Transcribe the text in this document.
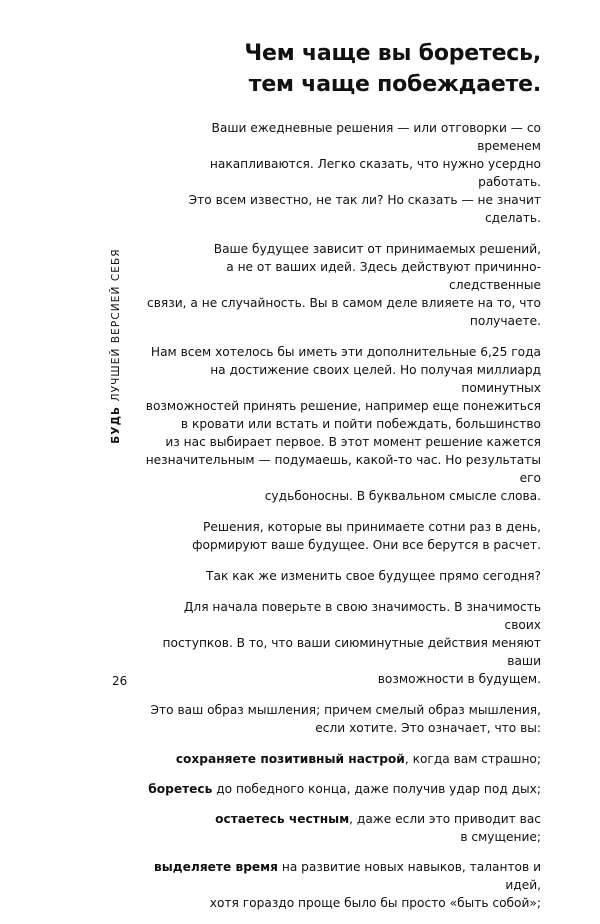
БУДЬ ЛУЧШЕЙ ВЕРСИЕЙ СЕБЯ
26
Чем чаще вы боретесь,
тем чаще побеждаете.

Ваши ежедневные решения — или отговорки — со временем
накапливаются. Легко сказать, что нужно усердно работать.
Это всем известно, не так ли? Но сказать — не значит сделать.

Ваше будущее зависит от принимаемых решений,
а не от ваших идей. Здесь действуют причинно-следственные
связи, а не случайность. Вы в самом деле влияете на то, что
получаете.

Нам всем хотелось бы иметь эти дополнительные 6,25 года
на достижение своих целей. Но получая миллиард поминутных
возможностей принять решение, например еще понежиться
в кровати или встать и пойти побеждать, большинство
из нас выбирает первое. В этот момент решение кажется
незначительным — подумаешь, какой-то час. Но результаты его
судьбоносны. В буквальном смысле слова.

Решения, которые вы принимаете сотни раз в день,
формируют ваше будущее. Они все берутся в расчет.

Так как же изменить свое будущее прямо сегодня?

Для начала поверьте в свою значимость. В значимость своих
поступков. В то, что ваши сиюминутные действия меняют ваши
возможности в будущем.

Это ваш образ мышления; причем смелый образ мышления,
если хотите. Это означает, что вы:

сохраняете позитивный настрой, когда вам страшно;

боретесь до победного конца, даже получив удар под дых;

остаетесь честным, даже если это приводит вас
в смущение;

выделяете время на развитие новых навыков, талантов и идей,
хотя гораздо проще было бы просто «быть собой»;
